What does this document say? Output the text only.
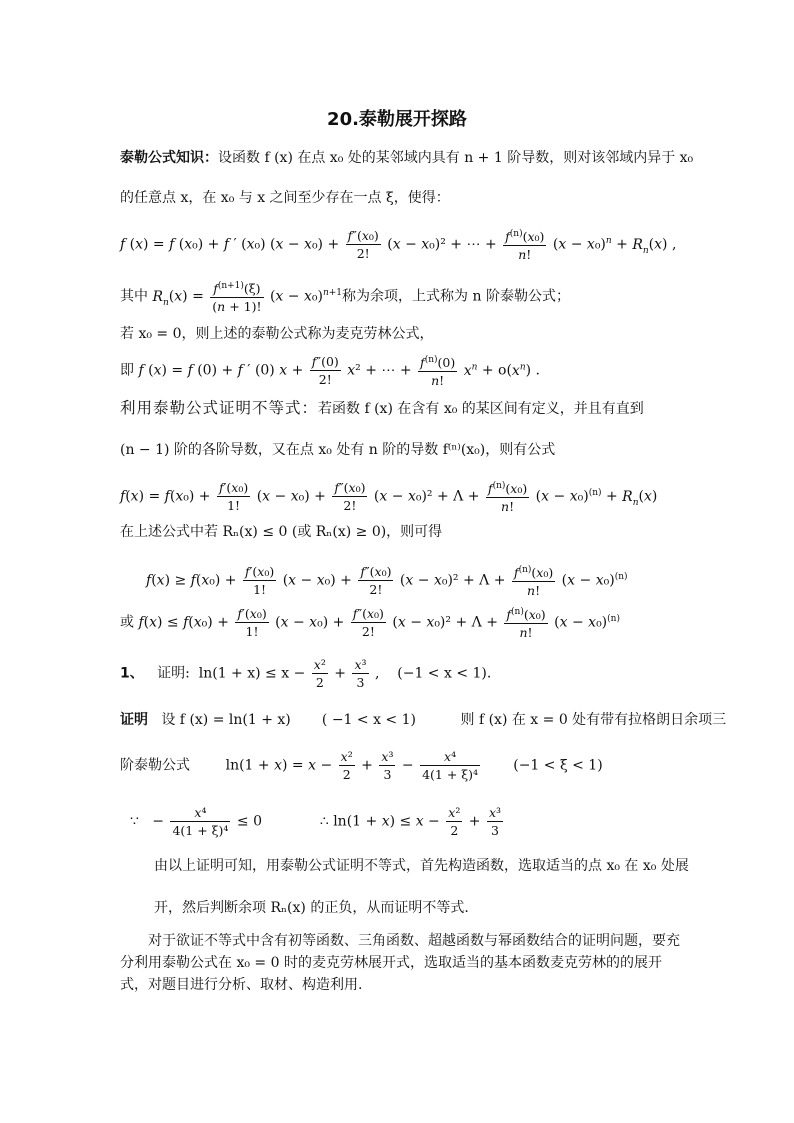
20.泰勒展开探路
泰勒公式知识：设函数 f (x) 在点 x₀ 处的某邻域内具有 n + 1 阶导数，则对该邻域内异于 x₀
的任意点 x，在 x₀ 与 x 之间至少存在一点 ξ，使得：
f (x) = f (x₀) + f ′ (x₀) $(x - x_0) + \frac{\text{f″(x₀)}}{2!} (x - x_0)^2$ + ⋯ + $\frac{f^{(n)}(x_0)}{n!} (x - x_0)^n + R_n(x)$ ,
其中 $R_n(x) = \frac{f^{(n+1)}(\xi)}{(n + 1)!} (x - x_0)^{n+1}$称为余项，上式称为 n 阶泰勒公式；
若 x₀ = 0，则上述的泰勒公式称为麦克劳林公式，
即 f (x) = f (0) + f ′ (0) $x + \frac{f''(0)}{2!} x^2$ + ⋯ + $\frac{f^{(n)}(0)}{n!} x^n + o(x^n)$ .
利用泰勒公式证明不等式：若函数 f (x) 在含有 x₀ 的某区间有定义，并且有直到
(n − 1) 阶的各阶导数，又在点 x₀ 处有 n 阶的导数 f⁽ⁿ⁾(x₀)，则有公式
$f(x) = f(x_0) + \frac{\text{f′(x₀)}}{1!} (x - x_0) + \frac{\text{f″(x₀)}}{2!} (x - x_0)^2 + \Lambda + \frac{f^{(n)}(x_0)}{n!} (x - x_0)^{(n)} + R_n(x)$
在上述公式中若 Rₙ(x) ≤ 0 (或 Rₙ(x) ≥ 0)，则可得
$f(x) \ge f(x_0) + \frac{\text{f′(x₀)}}{1!} (x - x_0) + \frac{\text{f″(x₀)}}{2!} (x - x_0)^2 + \Lambda + \frac{f^{(n)}(x_0)}{n!} (x - x_0)^{(n)}$
或 $f(x) \le f(x_0) + \frac{\text{f′(x₀)}}{1!} (x - x_0) + \frac{\text{f″(x₀)}}{2!} (x - x_0)^2 + \Lambda + \frac{f^{(n)}(x_0)}{n!} (x - x_0)^{(n)}$
1、 证明: $\ln(1 + x) \le x - \frac{\text{x²}}{2} + \frac{\text{x³}}{3}$ ,    (−1 < x < 1).
证明 设 f (x) = ln(1 + x) ( −1 < x < 1)	则 f (x) 在 x = 0 处有带有拉格朗日余项三
阶泰勒公式        $\ln(1 + x) = x - \frac{\text{x²}}{2} + \frac{\text{x³}}{3} - \frac{\text{x⁴}}{\text{4(1 + ξ)⁴}} (-1 < \xi < 1)$
∵   − $\frac{\text{x⁴}}{\text{4(1 + ξ)⁴}} \le 0$             ∴ $\ln(1 + x) \le x - \frac{\text{x²}}{2} + \frac{\text{x³}}{3}$
由以上证明可知，用泰勒公式证明不等式，首先构造函数，选取适当的点 x₀ 在 x₀ 处展
开，然后判断余项 Rₙ(x) 的正负，从而证明不等式.
对于欲证不等式中含有初等函数、三角函数、超越函数与幂函数结合的证明问题，要充分利用泰勒公式在 x₀ = 0 时的麦克劳林展开式，选取适当的基本函数麦克劳林的的展开式，对题目进行分析、取材、构造利用.
